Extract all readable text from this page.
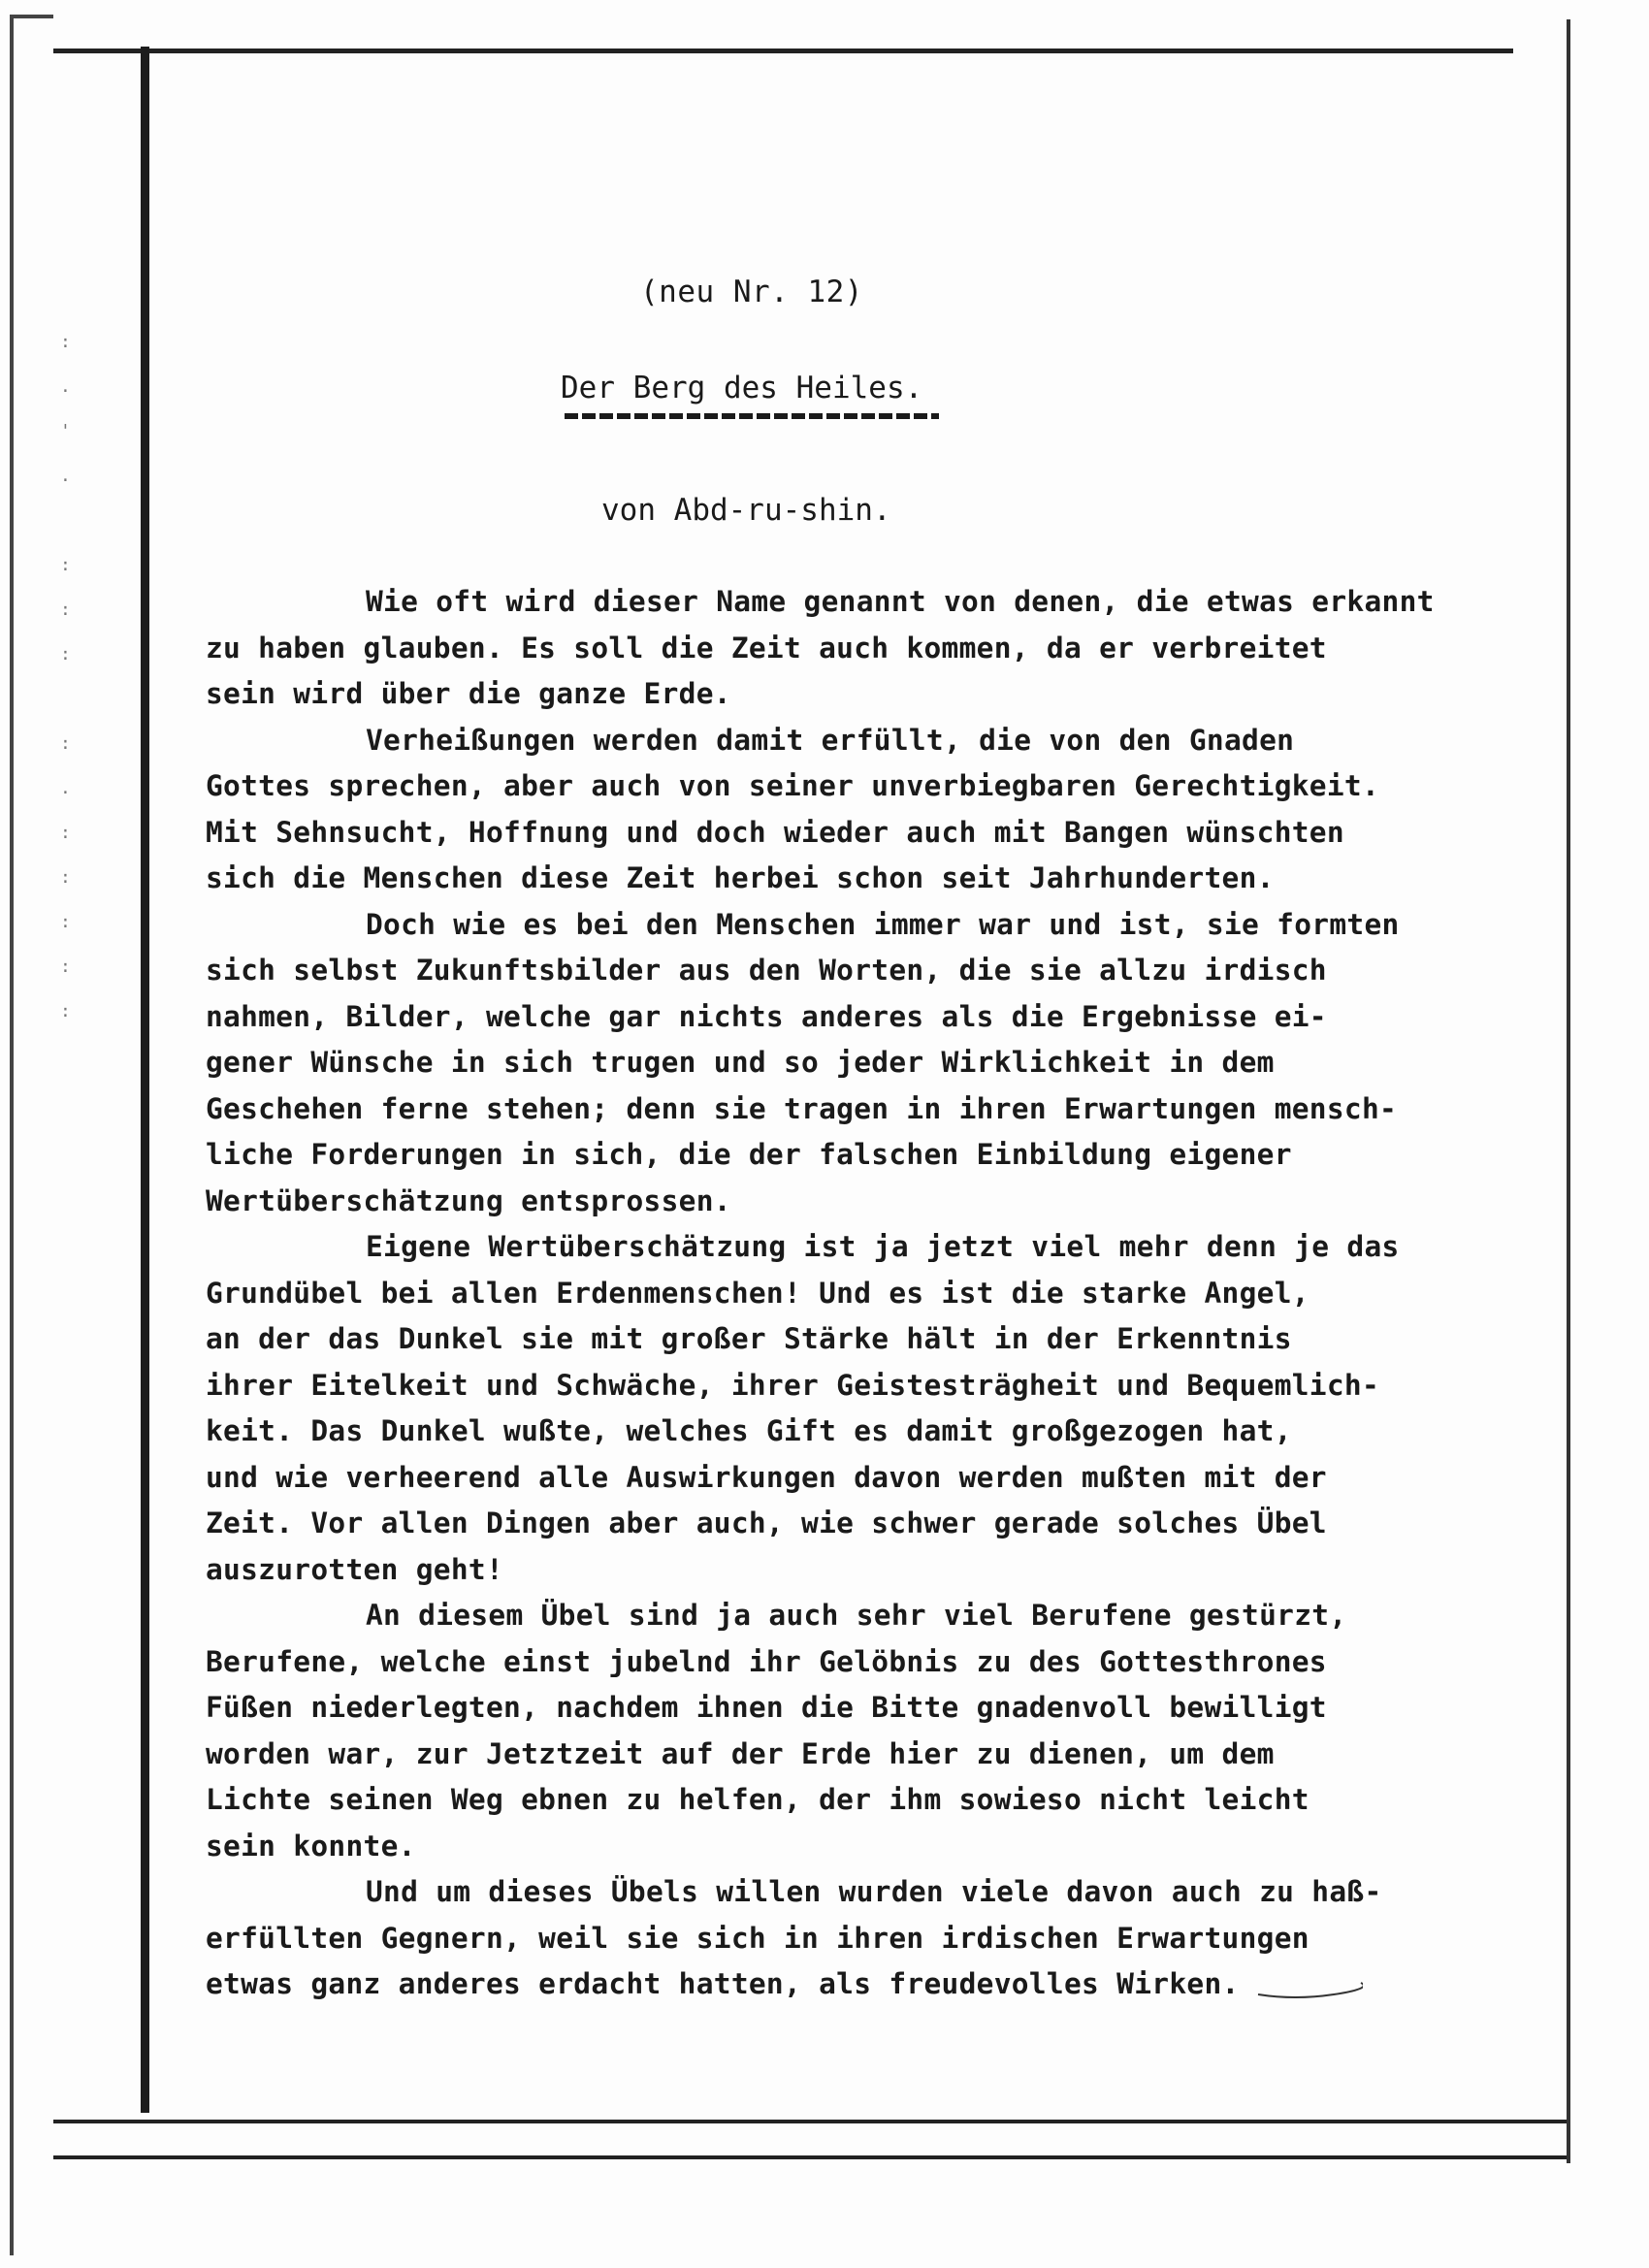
:
.
'
.

:
:
:

:
.
:
:
:
:
:
(neu Nr. 12)
Der Berg des Heiles.
von Abd-ru-shin.

Wie oft wird dieser Name genannt von denen, die etwas erkannt
zu haben glauben. Es soll die Zeit auch kommen, da er verbreitet
sein wird über die ganze Erde.

Verheißungen werden damit erfüllt, die von den Gnaden
Gottes sprechen, aber auch von seiner unverbiegbaren Gerechtigkeit.
Mit Sehnsucht, Hoffnung und doch wieder auch mit Bangen wünschten
sich die Menschen diese Zeit herbei schon seit Jahrhunderten.

Doch wie es bei den Menschen immer war und ist, sie formten
sich selbst Zukunftsbilder aus den Worten, die sie allzu irdisch
nahmen, Bilder, welche gar nichts anderes als die Ergebnisse ei-
gener Wünsche in sich trugen und so jeder Wirklichkeit in dem
Geschehen ferne stehen; denn sie tragen in ihren Erwartungen mensch-
liche Forderungen in sich, die der falschen Einbildung eigener
Wertüberschätzung entsprossen.

Eigene Wertüberschätzung ist ja jetzt viel mehr denn je das
Grundübel bei allen Erdenmenschen! Und es ist die starke Angel,
an der das Dunkel sie mit großer Stärke hält in der Erkenntnis
ihrer Eitelkeit und Schwäche, ihrer Geistesträgheit und Bequemlich-
keit. Das Dunkel wußte, welches Gift es damit großgezogen hat,
und wie verheerend alle Auswirkungen davon werden mußten mit der
Zeit. Vor allen Dingen aber auch, wie schwer gerade solches Übel
auszurotten geht!

An diesem Übel sind ja auch sehr viel Berufene gestürzt,
Berufene, welche einst jubelnd ihr Gelöbnis zu des Gottesthrones
Füßen niederlegten, nachdem ihnen die Bitte gnadenvoll bewilligt
worden war, zur Jetztzeit auf der Erde hier zu dienen, um dem
Lichte seinen Weg ebnen zu helfen, der ihm sowieso nicht leicht
sein konnte.

Und um dieses Übels willen wurden viele davon auch zu haß-
erfüllten Gegnern, weil sie sich in ihren irdischen Erwartungen
etwas ganz anderes erdacht hatten, als freudevolles Wirken.
